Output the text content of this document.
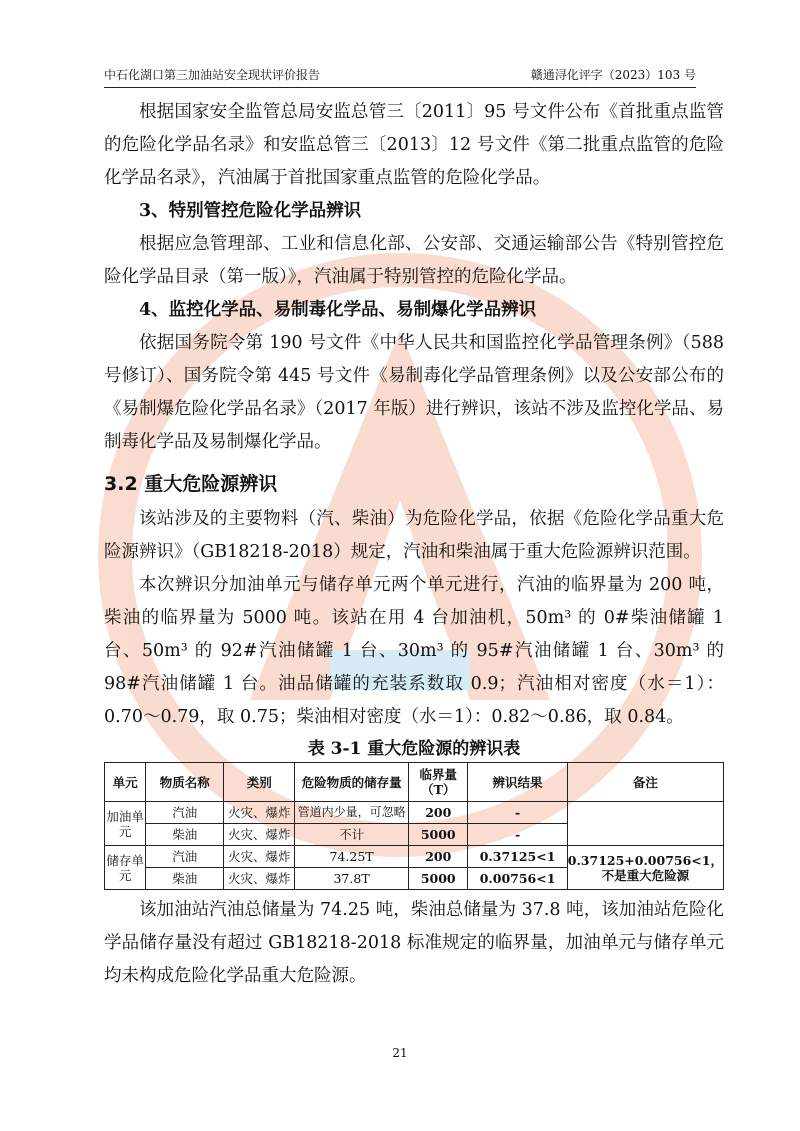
中石化湖口第三加油站安全现状评价报告	赣通浔化评字（2023）103 号

根据国家安全监管总局安监总管三〔2011〕95 号文件公布《首批重点监管的危险化学品名录》和安监总管三〔2013〕12 号文件《第二批重点监管的危险化学品名录》，汽油属于首批国家重点监管的危险化学品。

3、特别管控危险化学品辨识

根据应急管理部、工业和信息化部、公安部、交通运输部公告《特别管控危险化学品目录（第一版）》，汽油属于特别管控的危险化学品。

4、监控化学品、易制毒化学品、易制爆化学品辨识

依据国务院令第 190 号文件《中华人民共和国监控化学品管理条例》（588 号修订）、国务院令第 445 号文件《易制毒化学品管理条例》以及公安部公布的《易制爆危险化学品名录》（2017 年版）进行辨识，该站不涉及监控化学品、易制毒化学品及易制爆化学品。

3.2 重大危险源辨识

该站涉及的主要物料（汽、柴油）为危险化学品，依据《危险化学品重大危险源辨识》（GB18218-2018）规定，汽油和柴油属于重大危险源辨识范围。

本次辨识分加油单元与储存单元两个单元进行，汽油的临界量为 200 吨，柴油的临界量为 5000 吨。该站在用 4 台加油机，50m³ 的 0#柴油储罐 1 台、50m³ 的 92#汽油储罐 1 台、30m³ 的 95#汽油储罐 1 台、30m³ 的 98#汽油储罐 1 台。油品储罐的充装系数取 0.9；汽油相对密度（水＝1）：0.70～0.79，取 0.75；柴油相对密度（水＝1）：0.82～0.86，取 0.84。

表 3-1 重大危险源的辨识表

单元	物质名称	类别	危险物质的储存量	临界量（T）	辨识结果	备注
加油单元	汽油	火灾、爆炸	管道内少量，可忽略	200	-	
	柴油	火灾、爆炸	不计	5000	-	
储存单元	汽油	火灾、爆炸	74.25T	200	0.37125<1	0.37125+0.00756<1，不是重大危险源
	柴油	火灾、爆炸	37.8T	5000	0.00756<1	

该加油站汽油总储量为 74.25 吨，柴油总储量为 37.8 吨，该加油站危险化学品储存量没有超过 GB18218-2018 标准规定的临界量，加油单元与储存单元均未构成危险化学品重大危险源。

21
